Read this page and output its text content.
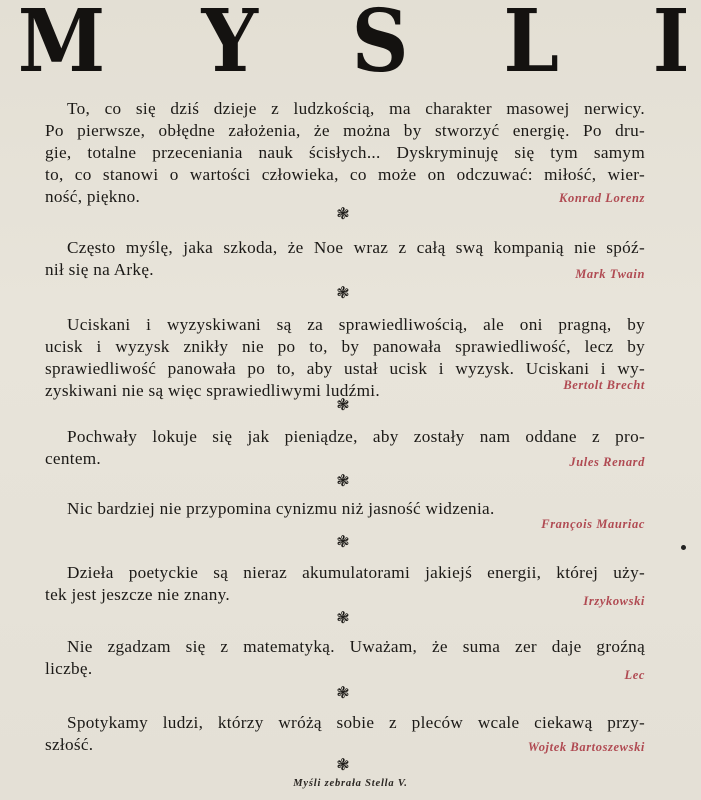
M Y S L I
To, co się dziś dzieje z ludzkością, ma charakter masowej nerwicy.
Po pierwsze, obłędne założenia, że można by stworzyć energię. Po dru-
gie, totalne przeceniania nauk ścisłych... Dyskryminuję się tym samym
to, co stanowi o wartości człowieka, co może on odczuwać: miłość, wier-
ność, piękno.	Konrad Lorenz
❃
Często myślę, jaka szkoda, że Noe wraz z całą swą kompanią nie spóź-
nił się na Arkę.	Mark Twain
❃
Uciskani i wyzyskiwani są za sprawiedliwością, ale oni pragną, by
ucisk i wyzysk znikły nie po to, by panowała sprawiedliwość, lecz by
sprawiedliwość panowała po to, aby ustał ucisk i wyzysk. Uciskani i wy-
zyskiwani nie są więc sprawiedliwymi ludźmi.	Bertolt Brecht
❃
Pochwały lokuje się jak pieniądze, aby zostały nam oddane z pro-
centem.	Jules Renard
❃
Nic bardziej nie przypomina cynizmu niż jasność widzenia.
François Mauriac
❃
Dzieła poetyckie są nieraz akumulatorami jakiejś energii, której uży-
tek jest jeszcze nie znany.	Irzykowski
❃
Nie zgadzam się z matematyką. Uważam, że suma zer daje groźną
liczbę.	Lec
❃
Spotykamy ludzi, którzy wróżą sobie z pleców wcale ciekawą przy-
szłość.	Wojtek Bartoszewski
❃
Myśli zebrała Stella V.
